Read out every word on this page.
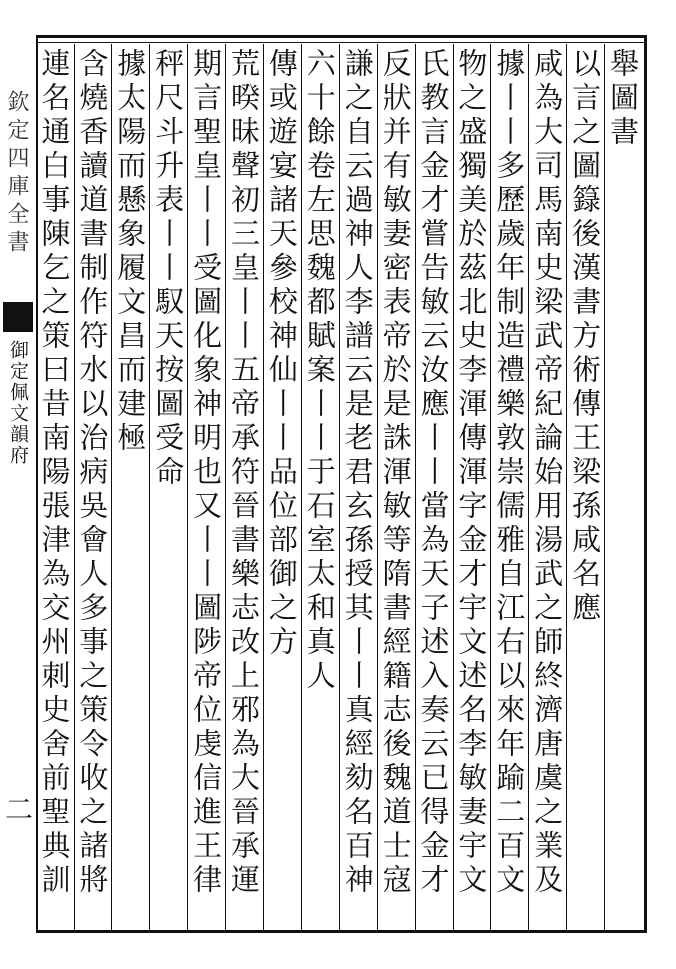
欽定四庫全書
御定佩文韻府
二
舉圖書
以言之圖籙後漢書方術傳王梁孫咸名應
咸為大司馬南史梁武帝紀論始用湯武之師終濟唐虞之業及
據丨丨多歷歲年制造禮樂敦崇儒雅自江右以來年踰二百文
物之盛獨美於茲北史李渾傳渾字金才宇文述名李敏妻宇文
氏教言金才嘗告敏云汝應丨丨當為天子述入奏云已得金才
反狀并有敏妻密表帝於是誅渾敏等隋書經籍志後魏道士寇
謙之自云過神人李譜云是老君玄孫授其丨丨真經劾名百神
六十餘卷左思魏都賦案丨丨于石室太和真人
傳或遊宴諸天參校神仙丨丨品位部御之方
荒暌昧聲初三皇丨丨五帝承符晉書樂志改上邪為大晉承運
期言聖皇丨丨受圖化象神明也又丨丨圖陟帝位虔信進王律
秤尺斗升表丨丨馭天按圖受命
據太陽而懸象履文昌而建極
含燒香讀道書制作符水以治病吳會人多事之策令收之諸將
連名通白事陳乞之策曰昔南陽張津為交州刺史舍前聖典訓
